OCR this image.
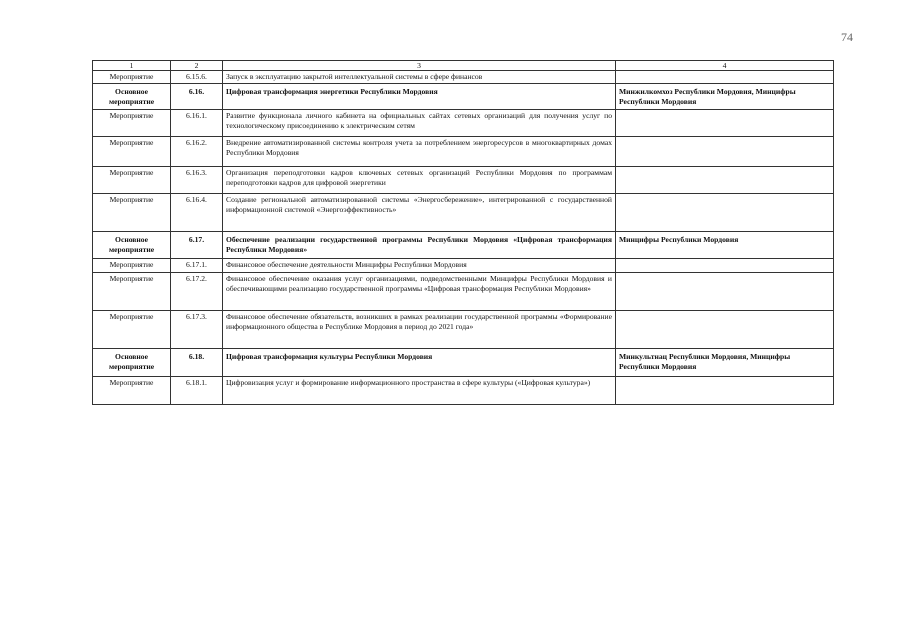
74
1	2	3	4
Мероприятие	6.15.6.	Запуск в эксплуатацию закрытой интеллектуальной системы в сфере финансов	
Основное мероприятие	6.16.	Цифровая трансформация энергетики Республики Мордовия	Минжилкомхоз Республики Мордовия, Минцифры Республики Мордовия
Мероприятие	6.16.1.	Развитие функционала личного кабинета на официальных сайтах сетевых организаций для получения услуг по технологическому присоединению к электрическим сетям	
Мероприятие	6.16.2.	Внедрение автоматизированной системы контроля учета за потреблением энергоресурсов в многоквартирных домах Республики Мордовия	
Мероприятие	6.16.3.	Организация переподготовки кадров ключевых сетевых организаций Республики Мордовия по программам переподготовки кадров для цифровой энергетики	
Мероприятие	6.16.4.	Создание региональной автоматизированной системы «Энергосбережение», интегрированной с государственной информационной системой «Энергоэффективность»	
Основное мероприятие	6.17.	Обеспечение реализации государственной программы Республики Мордовия «Цифровая трансформация Республики Мордовия»	Минцифры Республики Мордовия
Мероприятие	6.17.1.	Финансовое обеспечение деятельности Минцифры Республики Мордовия	
Мероприятие	6.17.2.	Финансовое обеспечение оказания услуг организациями, подведомственными Минцифры Республики Мордовия и обеспечивающими реализацию государственной программы «Цифровая трансформация Республики Мордовия»	
Мероприятие	6.17.3.	Финансовое обеспечение обязательств, возникших в рамках реализации государственной программы «Формирование информационного общества в Республике Мордовия в период до 2021 года»	
Основное мероприятие	6.18.	Цифровая трансформация культуры Республики Мордовия	Минкультнац Республики Мордовия, Минцифры Республики Мордовия
Мероприятие	6.18.1.	Цифровизация услуг и формирование информационного пространства в сфере культуры («Цифровая культура»)	
